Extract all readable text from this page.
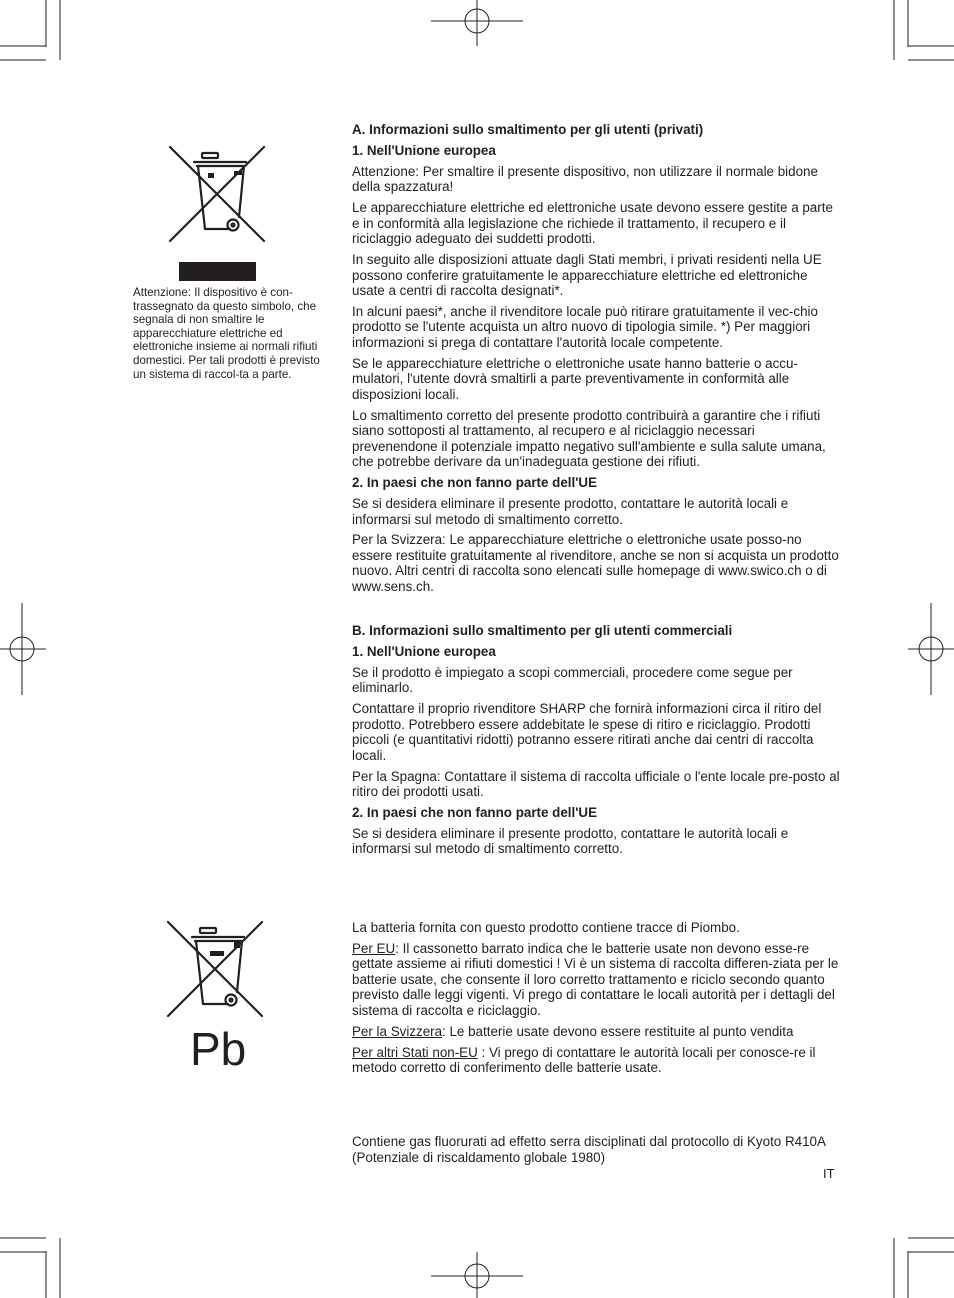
Attenzione: Il dispositivo è con-trassegnato da questo simbolo, che segnala di non smaltire le apparecchiature elettriche ed elettroniche insieme ai normali rifiuti domestici. Per tali prodotti è previsto un sistema di raccol-ta a parte.

A. Informazioni sullo smaltimento per gli utenti (privati)
1. Nell'Unione europea

Attenzione: Per smaltire il presente dispositivo, non utilizzare il normale bidone della spazzatura!

Le apparecchiature elettriche ed elettroniche usate devono essere gestite a parte e in conformità alla legislazione che richiede il trattamento, il recupero e il riciclaggio adeguato dei suddetti prodotti.

In seguito alle disposizioni attuate dagli Stati membri, i privati residenti nella UE possono conferire gratuitamente le apparecchiature elettriche ed elettroniche usate a centri di raccolta designati*.

In alcuni paesi*, anche il rivenditore locale può ritirare gratuitamente il vec-chio prodotto se l'utente acquista un altro nuovo di tipologia simile. *) Per maggiori informazioni si prega di contattare l'autorità locale competente.

Se le apparecchiature elettriche o elettroniche usate hanno batterie o accu-mulatori, l'utente dovrà smaltirli a parte preventivamente in conformità alle disposizioni locali.

Lo smaltimento corretto del presente prodotto contribuirà a garantire che i rifiuti siano sottoposti al trattamento, al recupero e al riciclaggio necessari prevenendone il potenziale impatto negativo sull'ambiente e sulla salute umana, che potrebbe derivare da un'inadeguata gestione dei rifiuti.

2. In paesi che non fanno parte dell'UE

Se si desidera eliminare il presente prodotto, contattare le autorità locali e informarsi sul metodo di smaltimento corretto.

Per la Svizzera: Le apparecchiature elettriche o elettroniche usate posso-no essere restituite gratuitamente al rivenditore, anche se non si acquista un prodotto nuovo. Altri centri di raccolta sono elencati sulle homepage di www.swico.ch o di www.sens.ch.

B. Informazioni sullo smaltimento per gli utenti commerciali
1. Nell'Unione europea

Se il prodotto è impiegato a scopi commerciali, procedere come segue per eliminarlo.

Contattare il proprio rivenditore SHARP che fornirà informazioni circa il ritiro del prodotto. Potrebbero essere addebitate le spese di ritiro e riciclaggio. Prodotti piccoli (e quantitativi ridotti) potranno essere ritirati anche dai centri di raccolta locali.

Per la Spagna: Contattare il sistema di raccolta ufficiale o l'ente locale pre-posto al ritiro dei prodotti usati.

2. In paesi che non fanno parte dell'UE

Se si desidera eliminare il presente prodotto, contattare le autorità locali e informarsi sul metodo di smaltimento corretto.

Pb

La batteria fornita con questo prodotto contiene tracce di Piombo.

Per EU: Il cassonetto barrato indica che le batterie usate non devono esse-re gettate assieme ai rifiuti domestici ! Vi è un sistema di raccolta differen-ziata per le batterie usate, che consente il loro corretto trattamento e riciclo secondo quanto previsto dalle leggi vigenti. Vi prego di contattare le locali autorità per i dettagli del sistema di raccolta e riciclaggio.

Per la Svizzera: Le batterie usate devono essere restituite al punto vendita

Per altri Stati non-EU : Vi prego di contattare le autorità locali per conosce-re il metodo corretto di conferimento delle batterie usate.

Contiene gas fluorurati ad effetto serra disciplinati dal protocollo di Kyoto R410A (Potenziale di riscaldamento globale 1980)

IT
